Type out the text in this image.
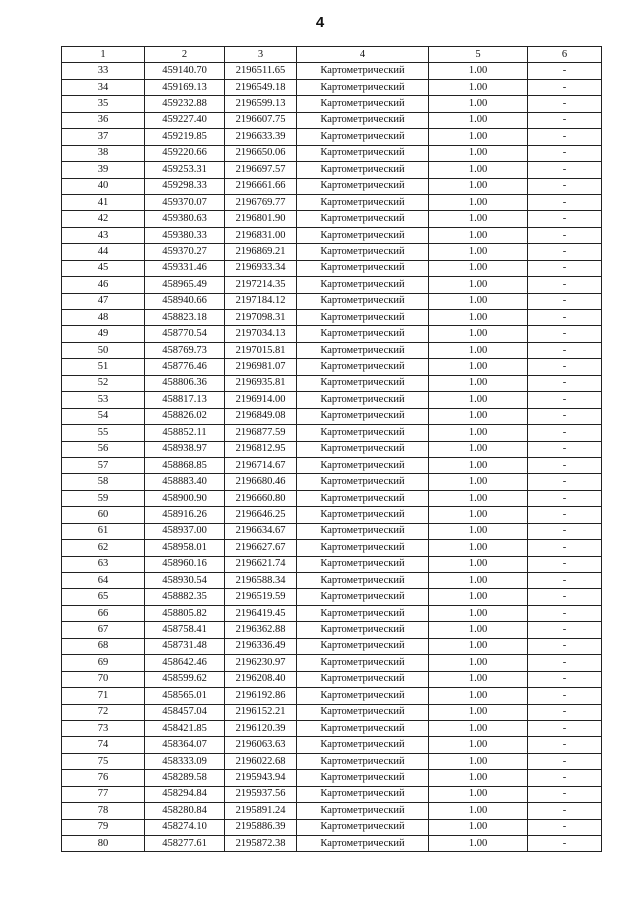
4
1	2	3	4	5	6
33	459140.70	2196511.65	Картометрический	1.00	-
34	459169.13	2196549.18	Картометрический	1.00	-
35	459232.88	2196599.13	Картометрический	1.00	-
36	459227.40	2196607.75	Картометрический	1.00	-
37	459219.85	2196633.39	Картометрический	1.00	-
38	459220.66	2196650.06	Картометрический	1.00	-
39	459253.31	2196697.57	Картометрический	1.00	-
40	459298.33	2196661.66	Картометрический	1.00	-
41	459370.07	2196769.77	Картометрический	1.00	-
42	459380.63	2196801.90	Картометрический	1.00	-
43	459380.33	2196831.00	Картометрический	1.00	-
44	459370.27	2196869.21	Картометрический	1.00	-
45	459331.46	2196933.34	Картометрический	1.00	-
46	458965.49	2197214.35	Картометрический	1.00	-
47	458940.66	2197184.12	Картометрический	1.00	-
48	458823.18	2197098.31	Картометрический	1.00	-
49	458770.54	2197034.13	Картометрический	1.00	-
50	458769.73	2197015.81	Картометрический	1.00	-
51	458776.46	2196981.07	Картометрический	1.00	-
52	458806.36	2196935.81	Картометрический	1.00	-
53	458817.13	2196914.00	Картометрический	1.00	-
54	458826.02	2196849.08	Картометрический	1.00	-
55	458852.11	2196877.59	Картометрический	1.00	-
56	458938.97	2196812.95	Картометрический	1.00	-
57	458868.85	2196714.67	Картометрический	1.00	-
58	458883.40	2196680.46	Картометрический	1.00	-
59	458900.90	2196660.80	Картометрический	1.00	-
60	458916.26	2196646.25	Картометрический	1.00	-
61	458937.00	2196634.67	Картометрический	1.00	-
62	458958.01	2196627.67	Картометрический	1.00	-
63	458960.16	2196621.74	Картометрический	1.00	-
64	458930.54	2196588.34	Картометрический	1.00	-
65	458882.35	2196519.59	Картометрический	1.00	-
66	458805.82	2196419.45	Картометрический	1.00	-
67	458758.41	2196362.88	Картометрический	1.00	-
68	458731.48	2196336.49	Картометрический	1.00	-
69	458642.46	2196230.97	Картометрический	1.00	-
70	458599.62	2196208.40	Картометрический	1.00	-
71	458565.01	2196192.86	Картометрический	1.00	-
72	458457.04	2196152.21	Картометрический	1.00	-
73	458421.85	2196120.39	Картометрический	1.00	-
74	458364.07	2196063.63	Картометрический	1.00	-
75	458333.09	2196022.68	Картометрический	1.00	-
76	458289.58	2195943.94	Картометрический	1.00	-
77	458294.84	2195937.56	Картометрический	1.00	-
78	458280.84	2195891.24	Картометрический	1.00	-
79	458274.10	2195886.39	Картометрический	1.00	-
80	458277.61	2195872.38	Картометрический	1.00	-
